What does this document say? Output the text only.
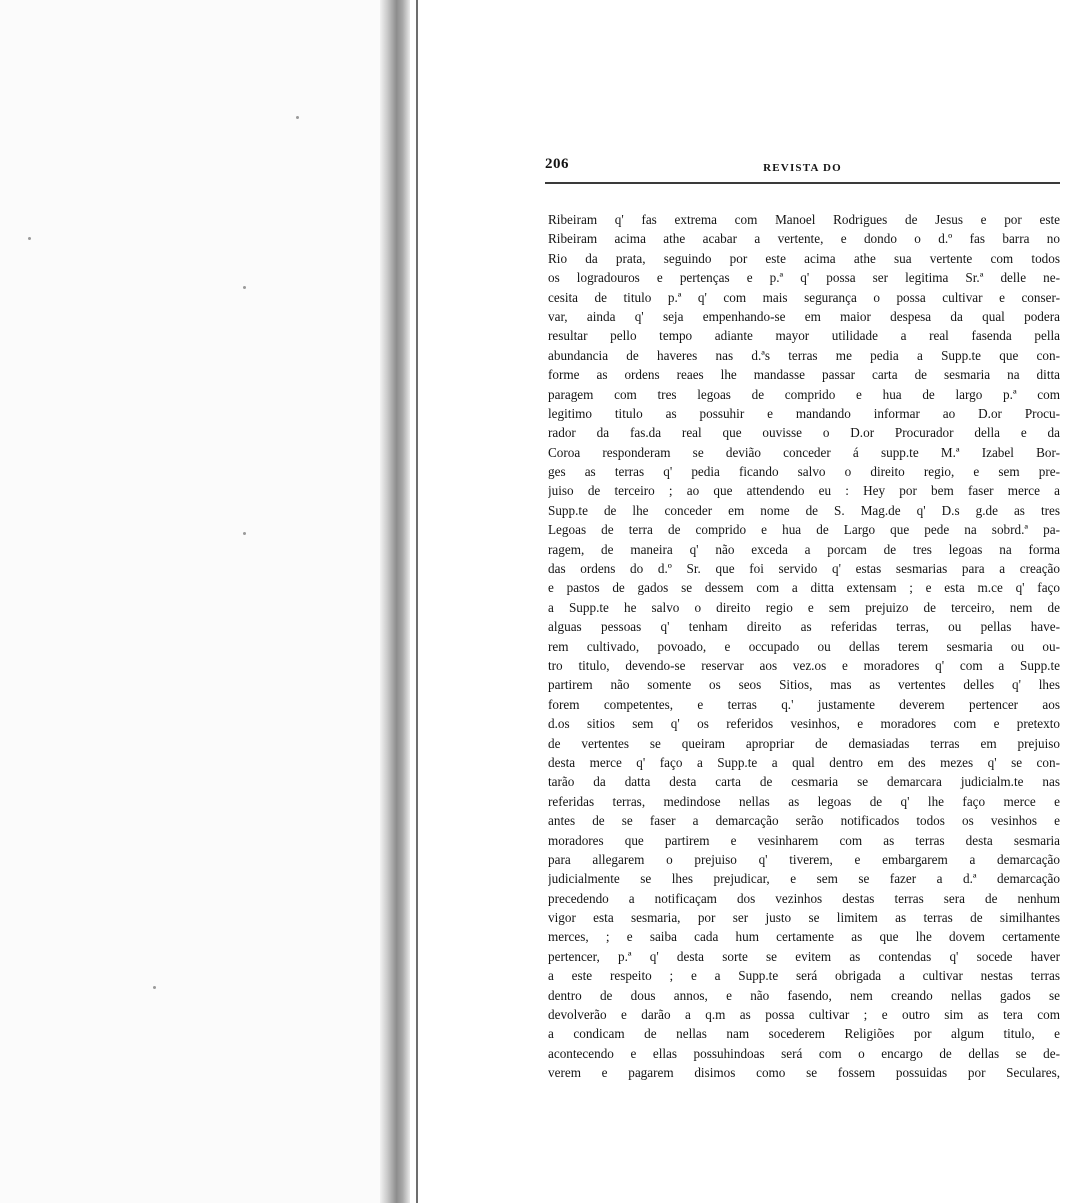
206	REVISTA DO
Ribeiram q' fas extrema com Manoel Rodrigues de Jesus e por este
Ribeiram acima athe acabar a vertente, e dondo o d.º fas barra no
Rio da prata, seguindo por este acima athe sua vertente com todos
os logradouros e pertenças e p.ª q' possa ser legitima Sr.ª delle ne-
cesita de titulo p.ª q' com mais segurança o possa cultivar e conser-
var, ainda q' seja empenhando-se em maior despesa da qual podera
resultar pello tempo adiante mayor utilidade a real fasenda pella
abundancia de haveres nas d.ªs terras me pedia a Supp.te que con-
forme as ordens reaes lhe mandasse passar carta de sesmaria na ditta
paragem com tres legoas de comprido e hua de largo p.ª com
legitimo titulo as possuhir e mandando informar ao D.or Procu-
rador da fas.da real que ouvisse o D.or Procurador della e da
Coroa responderam se devião conceder á supp.te M.ª Izabel Bor-
ges as terras q' pedia ficando salvo o direito regio, e sem pre-
juiso de terceiro ; ao que attendendo eu : Hey por bem faser merce a
Supp.te de lhe conceder em nome de S. Mag.de q' D.s g.de as tres
Legoas de terra de comprido e hua de Largo que pede na sobrd.ª pa-
ragem, de maneira q' não exceda a porcam de tres legoas na forma
das ordens do d.º Sr. que foi servido q' estas sesmarias para a creação
e pastos de gados se dessem com a ditta extensam ; e esta m.ce q' faço
a Supp.te he salvo o direito regio e sem prejuizo de terceiro, nem de
alguas pessoas q' tenham direito as referidas terras, ou pellas have-
rem cultivado, povoado, e occupado ou dellas terem sesmaria ou ou-
tro titulo, devendo-se reservar aos vez.os e moradores q' com a Supp.te
partirem não somente os seos Sitios, mas as vertentes delles q' lhes
forem competentes, e terras q.' justamente deverem pertencer aos
d.os sitios sem q' os referidos vesinhos, e moradores com e pretexto
de vertentes se queiram apropriar de demasiadas terras em prejuiso
desta merce q' faço a Supp.te a qual dentro em des mezes q' se con-
tarão da datta desta carta de cesmaria se demarcara judicialm.te nas
referidas terras, medindose nellas as legoas de q' lhe faço merce e
antes de se faser a demarcação serão notificados todos os vesinhos e
moradores que partirem e vesinharem com as terras desta sesmaria
para allegarem o prejuiso q' tiverem, e embargarem a demarcação
judicialmente se lhes prejudicar, e sem se fazer a d.ª demarcação
precedendo a notificaçam dos vezinhos destas terras sera de nenhum
vigor esta sesmaria, por ser justo se limitem as terras de similhantes
merces, ; e saiba cada hum certamente as que lhe dovem certamente
pertencer, p.ª q' desta sorte se evitem as contendas q' socede haver
a este respeito ; e a Supp.te será obrigada a cultivar nestas terras
dentro de dous annos, e não fasendo, nem creando nellas gados se
devolverão e darão a q.m as possa cultivar ; e outro sim as tera com
a condicam de nellas nam socederem Religiões por algum titulo, e
acontecendo e ellas possuhindoas será com o encargo de dellas se de-
verem e pagarem disimos como se fossem possuidas por Seculares,
